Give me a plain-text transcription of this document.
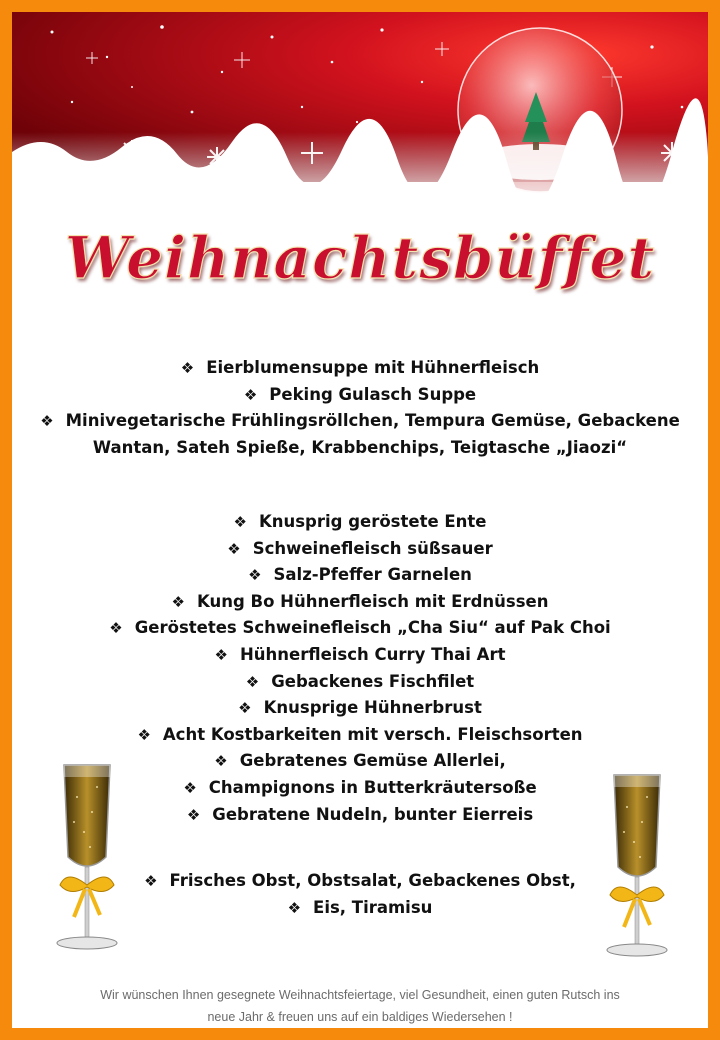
Weihnachtsbüffet
❖ Eierblumensuppe mit Hühnerfleisch
❖ Peking Gulasch Suppe
❖ Minivegetarische Frühlingsröllchen, Tempura Gemüse, Gebackene Wantan, Sateh Spieße, Krabbenchips, Teigtasche „Jiaozi“
❖ Knusprig geröstete Ente
❖ Schweinefleisch süßsauer
❖ Salz-Pfeffer Garnelen
❖ Kung Bo Hühnerfleisch mit Erdnüssen
❖ Geröstetes Schweinefleisch „Cha Siu“ auf Pak Choi
❖ Hühnerfleisch Curry Thai Art
❖ Gebackenes Fischfilet
❖ Knusprige Hühnerbrust
❖ Acht Kostbarkeiten mit versch. Fleischsorten
❖ Gebratenes Gemüse Allerlei,
❖ Champignons in Butterkräutersoße
❖ Gebratene Nudeln, bunter Eierreis
❖ Frisches Obst, Obstsalat, Gebackenes Obst,
❖ Eis, Tiramisu
Wir wünschen Ihnen gesegnete Weihnachtsfeiertage, viel Gesundheit, einen guten Rutsch ins
neue Jahr & freuen uns auf ein baldiges Wiedersehen !
